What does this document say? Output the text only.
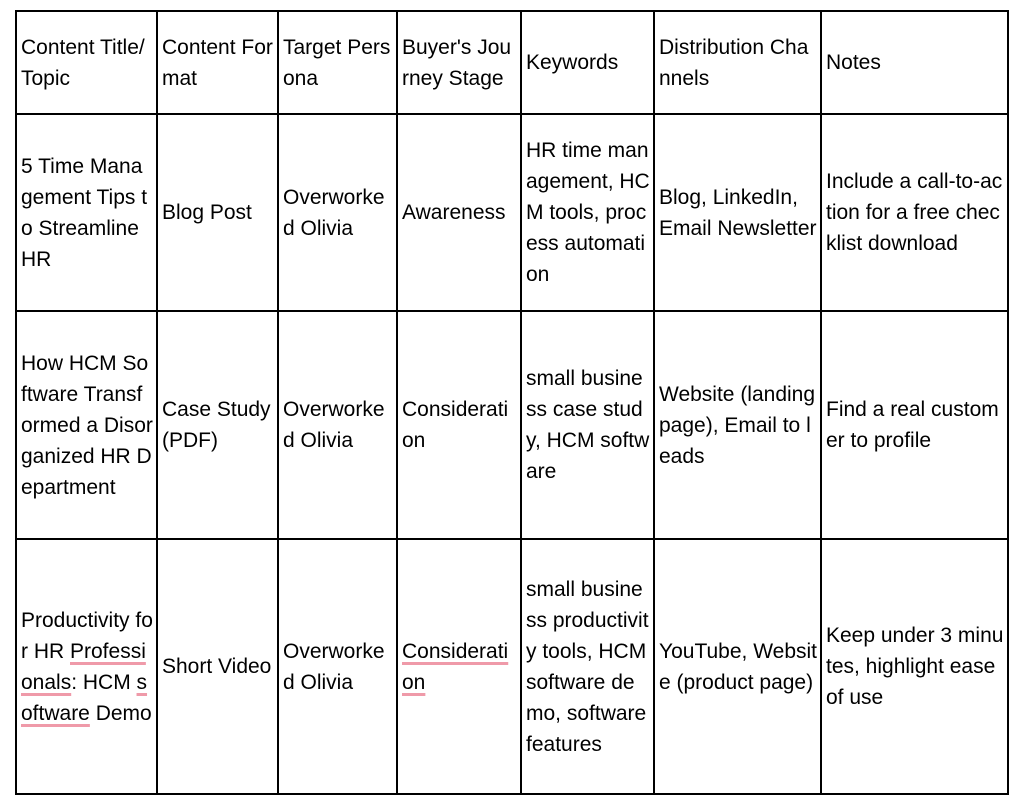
Content Title/Topic	Content Format	Target Persona	Buyer's Journey Stage	Keywords	Distribution Channels	Notes
5 Time Management Tips to Streamline HR	Blog Post	Overworked Olivia	Awareness	HR time management, HCM tools, process automation	Blog, LinkedIn, Email Newsletter	Include a call-to-action for a free checklist download
How HCM Software Transformed a Disorganized HR Department	Case Study (PDF)	Overworked Olivia	Consideration	small business case study, HCM software	Website (landing page), Email to leads	Find a real customer to profile
Productivity for HR Professionals: HCM software Demo	Short Video	Overworked Olivia	Consideration	small business productivity tools, HCM software demo, software features	YouTube, Website (product page)	Keep under 3 minutes, highlight ease of use
